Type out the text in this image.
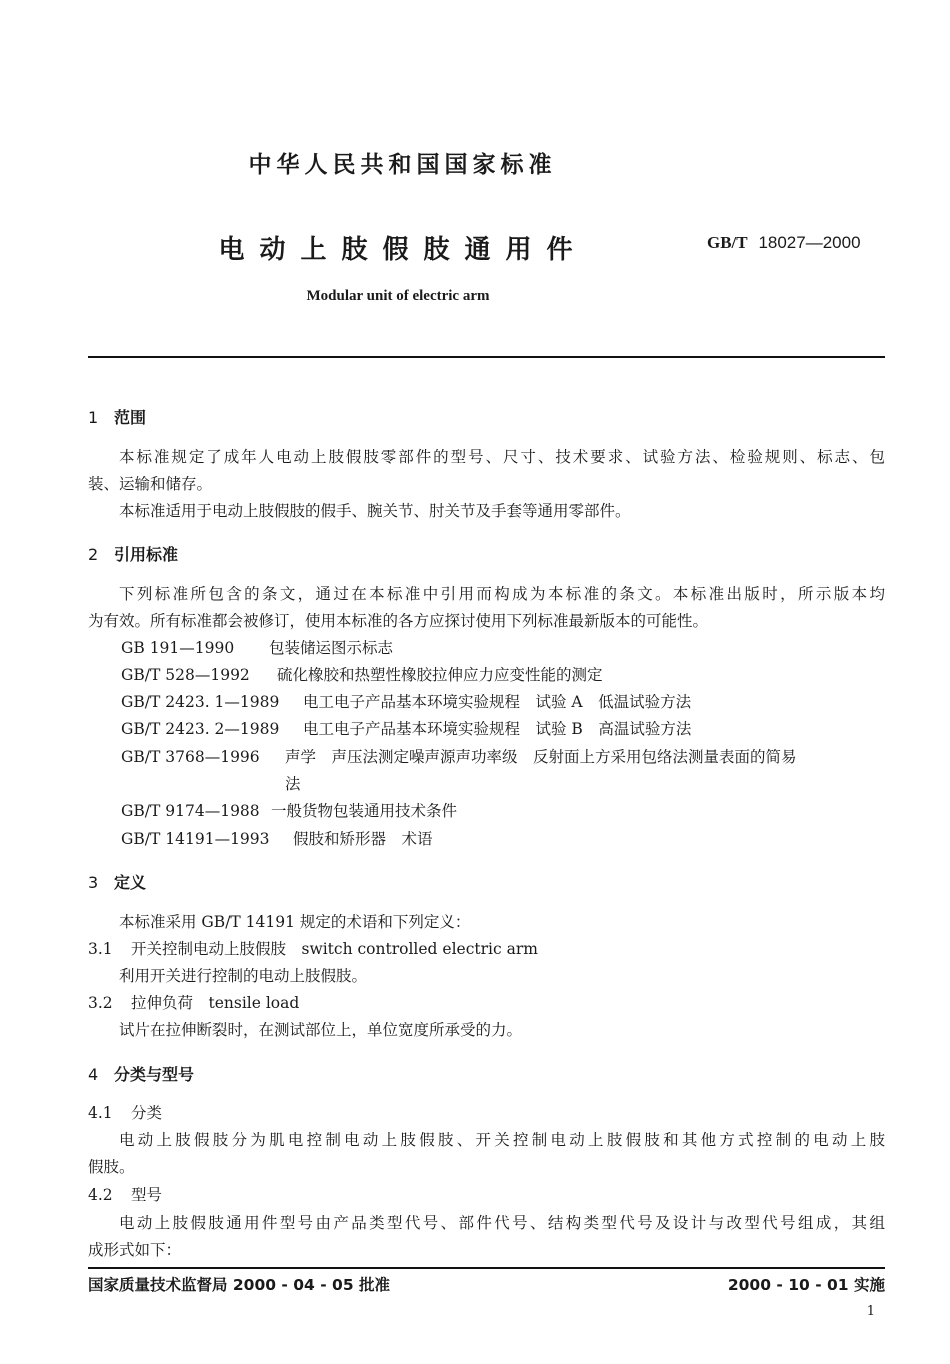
中华人民共和国国家标准
电动上肢假肢通用件	GB/T 18027—2000
Modular unit of electric arm
1 范围
本标准规定了成年人电动上肢假肢零部件的型号、尺寸、技术要求、试验方法、检验规则、标志、包
装、运输和储存。
本标准适用于电动上肢假肢的假手、腕关节、肘关节及手套等通用零部件。
2 引用标准
下列标准所包含的条文，通过在本标准中引用而构成为本标准的条文。本标准出版时，所示版本均
为有效。所有标准都会被修订，使用本标准的各方应探讨使用下列标准最新版本的可能性。
GB 191—1990 包装储运图示标志
GB/T 528—1992 硫化橡胶和热塑性橡胶拉伸应力应变性能的测定
GB/T 2423. 1—1989 电工电子产品基本环境实验规程　试验 A　低温试验方法
GB/T 2423. 2—1989 电工电子产品基本环境实验规程　试验 B　高温试验方法
GB/T 3768—1996 声学　声压法测定噪声源声功率级　反射面上方采用包络法测量表面的简易
法
GB/T 9174—1988 一般货物包装通用技术条件
GB/T 14191—1993 假肢和矫形器　术语
3 定义
本标准采用 GB/T 14191 规定的术语和下列定义：
3.1 开关控制电动上肢假肢　switch controlled electric arm
利用开关进行控制的电动上肢假肢。
3.2 拉伸负荷　tensile load
试片在拉伸断裂时，在测试部位上，单位宽度所承受的力。
4 分类与型号
4.1 分类
电动上肢假肢分为肌电控制电动上肢假肢、开关控制电动上肢假肢和其他方式控制的电动上肢
假肢。
4.2 型号
电动上肢假肢通用件型号由产品类型代号、部件代号、结构类型代号及设计与改型代号组成，其组
成形式如下：
国家质量技术监督局 2000 - 04 - 05 批准	2000 - 10 - 01 实施
1
